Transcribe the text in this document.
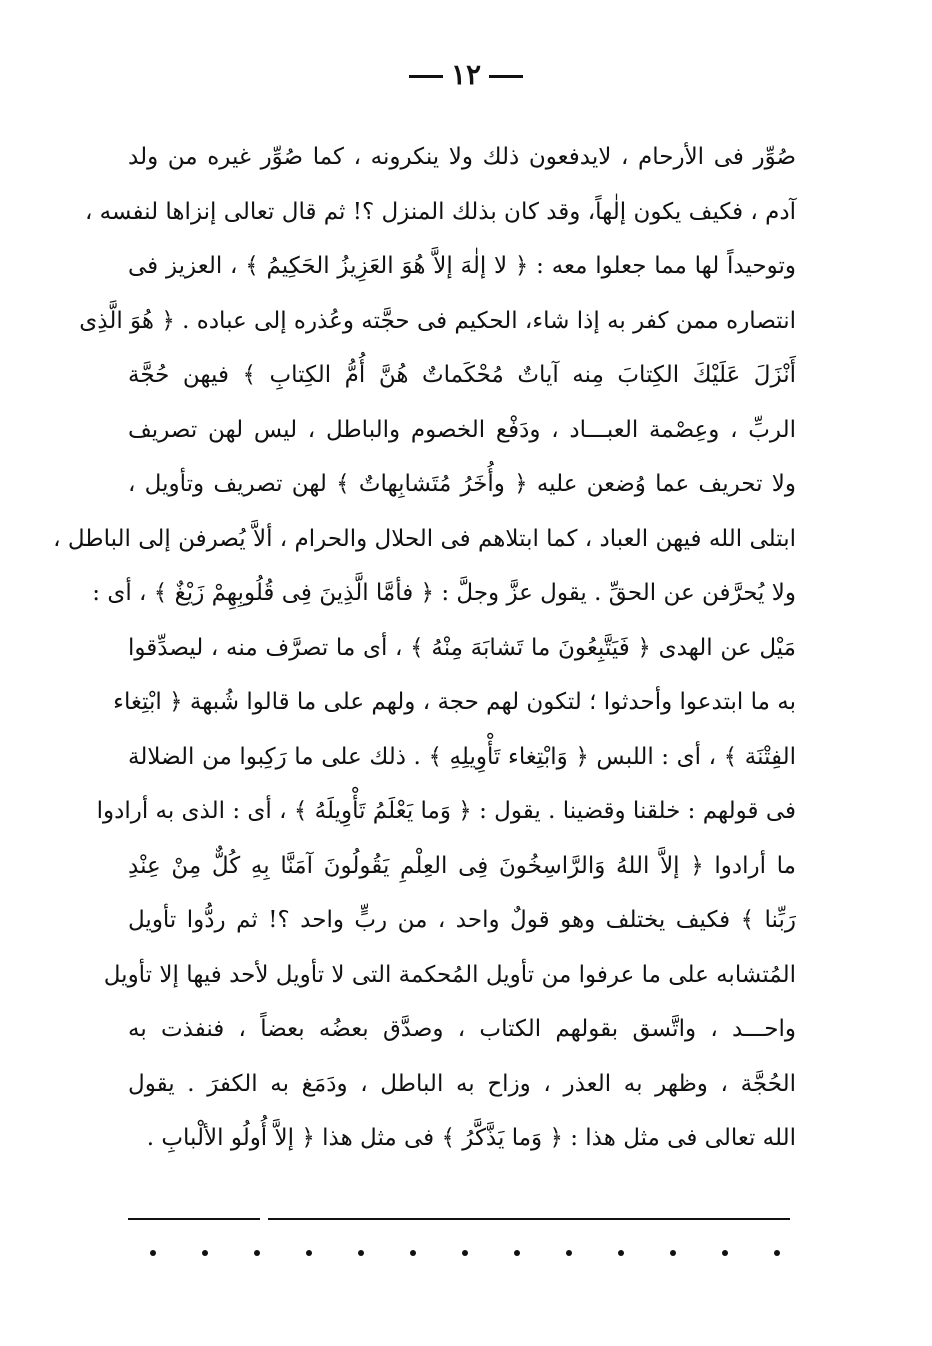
١٢
صُوِّر فى الأرحام ، لايدفعون ذلك ولا ينكرونه ، كما صُوِّر غيره من ولد
آدم ، فكيف يكون إلٰهاً، وقد كان بذلك المنزل ؟! ثم قال تعالى إنزاها لنفسه ،
وتوحيداً لها مما جعلوا معه : ﴿ لا إلٰهَ إلاَّ هُوَ العَزِيزُ الحَكِيمُ ﴾ ، العزيز فى
انتصاره ممن كفر به إذا شاء، الحكيم فى حجَّته وعُذره إلى عباده . ﴿ هُوَ الَّذِى
أَنْزَلَ عَلَيْكَ الكِتابَ مِنه آياتٌ مُحْكَماتٌ هُنَّ أُمُّ الكِتابِ ﴾ فيهن حُجَّة
الربِّ ، وعِصْمة العبـــاد ، ودَفْع الخصوم والباطل ، ليس لهن تصريف
ولا تحريف عما وُضعن عليه ﴿ وأُخَرُ مُتَشابِهاتٌ ﴾ لهن تصريف وتأويل ،
ابتلى الله فيهن العباد ، كما ابتلاهم فى الحلال والحرام ، ألاَّ يُصرفن إلى الباطل ،
ولا يُحرَّفن عن الحقِّ . يقول عزَّ وجلَّ : ﴿ فأمَّا الَّذِينَ فِى قُلُوبِهِمْ زَيْغٌ ﴾ ، أى :
مَيْل عن الهدى ﴿ فَيَتَّبِعُونَ ما تَشابَهَ مِنْهُ ﴾ ، أى ما تصرَّف منه ، ليصدِّقوا
به ما ابتدعوا وأحدثوا ؛ لتكون لهم حجة ، ولهم على ما قالوا شُبهة ﴿ ابْتِغاء
الفِتْنَة ﴾ ، أى : اللبس ﴿ وَابْتِغاء تَأْوِيلِهِ ﴾ . ذلك على ما رَكِبوا من الضلالة
فى قولهم : خلقنا وقضينا . يقول : ﴿ وَما يَعْلَمُ تَأْوِيلَهُ ﴾ ، أى : الذى به أرادوا
ما أرادوا ﴿ إلاَّ اللهُ وَالرَّاسِخُونَ فِى العِلْمِ يَقُولُونَ آمَنَّا بِهِ كُلٌّ مِنْ عِنْدِ
رَبِّنا ﴾ فكيف يختلف وهو قولٌ واحد ، من ربٍّ واحد ؟! ثم ردُّوا تأويل
المُتشابه على ما عرفوا من تأويل المُحكمة التى لا تأويل لأحد فيها إلا تأويل
واحـــد ، واتَّسق بقولهم الكتاب ، وصدَّق بعضُه بعضاً ، فنفذت به
الحُجَّة ، وظهر به العذر ، وزاح به الباطل ، ودَمَغ به الكفرَ . يقول
الله تعالى فى مثل هذا : ﴿ وَما يَذَّكَّرُ ﴾ فى مثل هذا ﴿ إلاَّ أُولُو الألْبابِ .
